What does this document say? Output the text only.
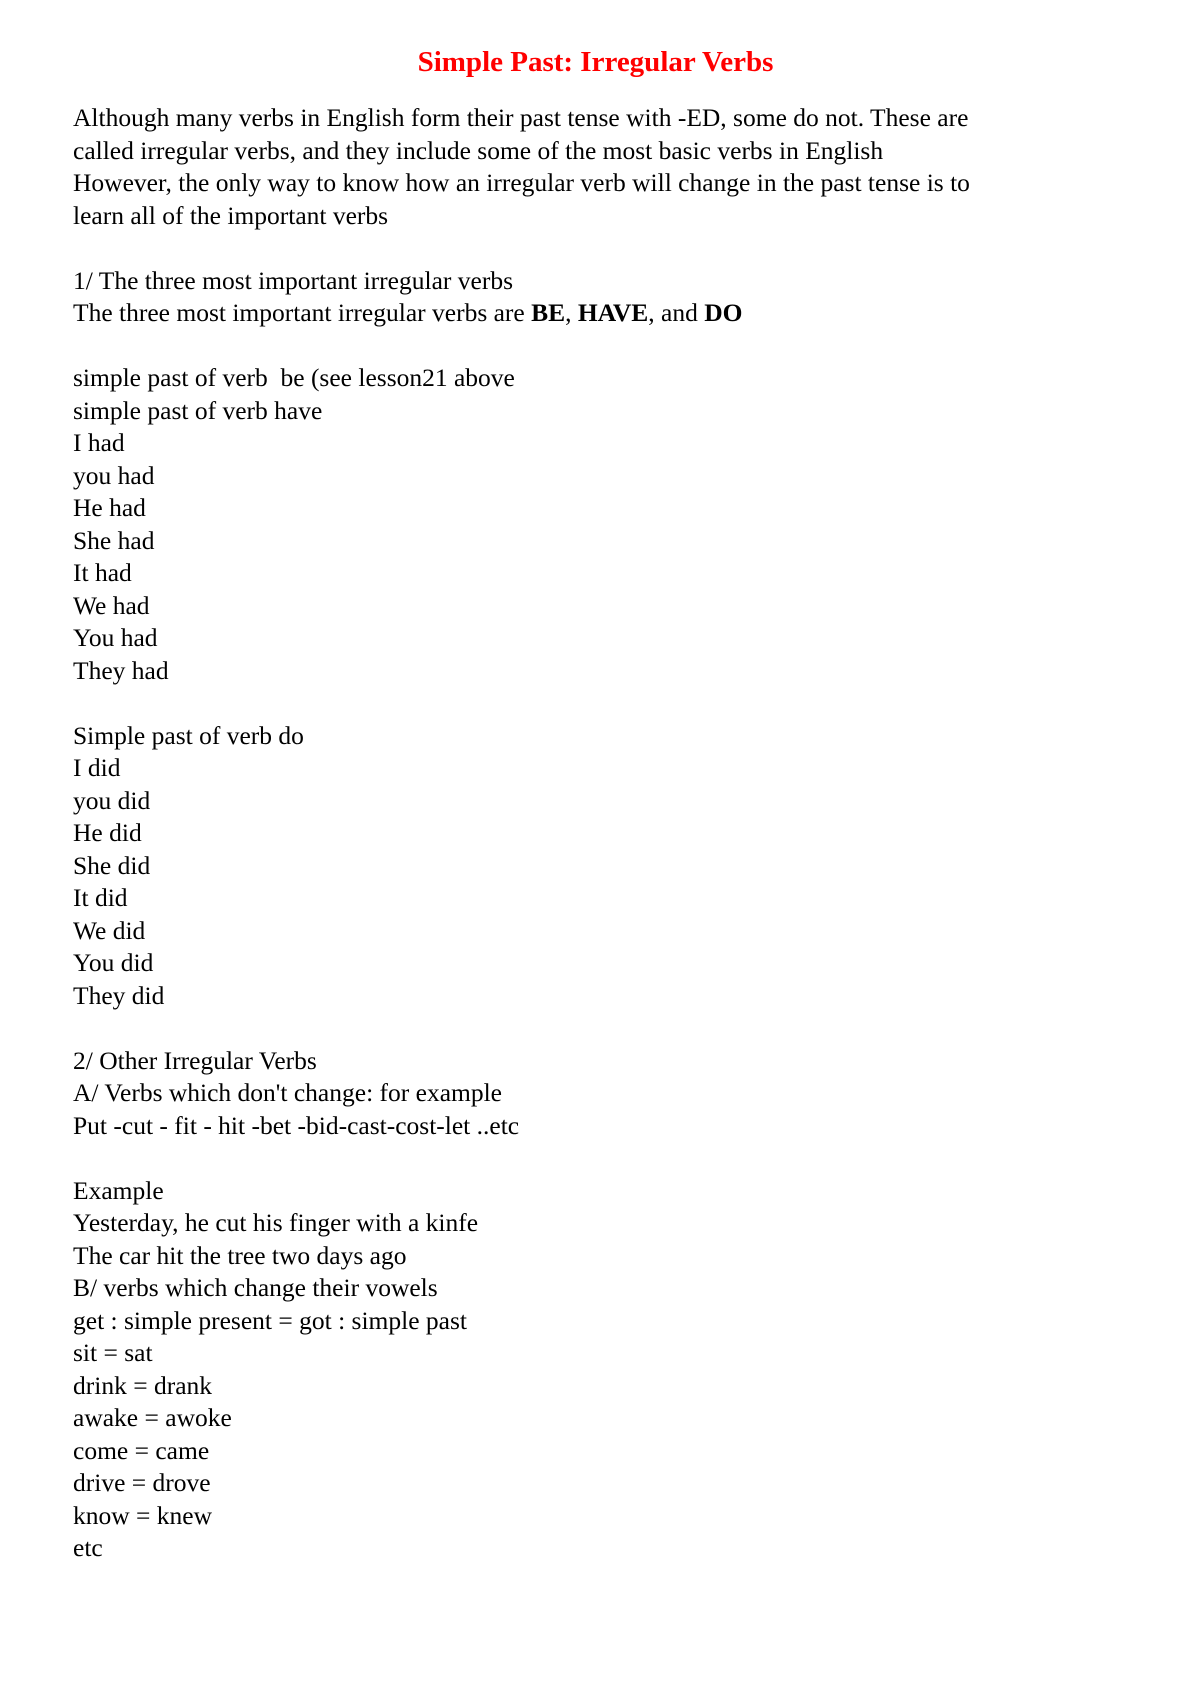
Simple Past: Irregular Verbs

Although many verbs in English form their past tense with -ED, some do not. These are

called irregular verbs, and they include some of the most basic verbs in English

However, the only way to know how an irregular verb will change in the past tense is to

learn all of the important verbs

1/ The three most important irregular verbs

The three most important irregular verbs are BE, HAVE, and DO

simple past of verb  be (see lesson21 above

simple past of verb have

I had

you had

He had

She had

It had

We had

You had

They had

Simple past of verb do

I did

you did

He did

She did

It did

We did

You did

They did

2/ Other Irregular Verbs

A/ Verbs which don't change: for example

Put -cut - fit - hit -bet -bid-cast-cost-let ..etc

Example

Yesterday, he cut his finger with a kinfe

The car hit the tree two days ago

B/ verbs which change their vowels

get : simple present = got : simple past

sit = sat

drink = drank

awake = awoke

come = came

drive = drove

know = knew

etc
